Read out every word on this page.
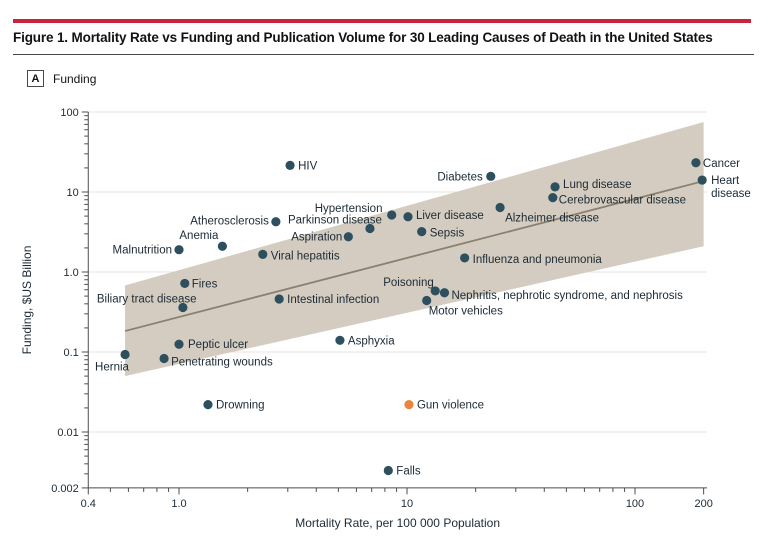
Figure 1. Mortality Rate vs Funding and Publication Volume for 30 Leading Causes of Death in the United States
A	Funding
0.4	1.0	10	100	200
100
10
1.0
0.1
0.01
0.002
Mortality Rate, per 100 000 Population
Funding, $US Billion
Hernia	Penetrating wounds
Malnutrition
Biliary tract disease
Peptic ulcer
Fires
Drowning
Anemia
Viral hepatitis
Atherosclerosis
Intestinal infection
HIV
Asphyxia
Aspiration
Parkinson disease
Hypertension
Falls
Gun violence
Liver disease
Sepsis
Motor vehicles
Poisoning
Nephritis, nephrotic syndrome, and nephrosis
Influenza and pneumonia
Diabetes
Alzheimer disease
Lung disease
Cerebrovascular disease
Cancer
Heart
disease
